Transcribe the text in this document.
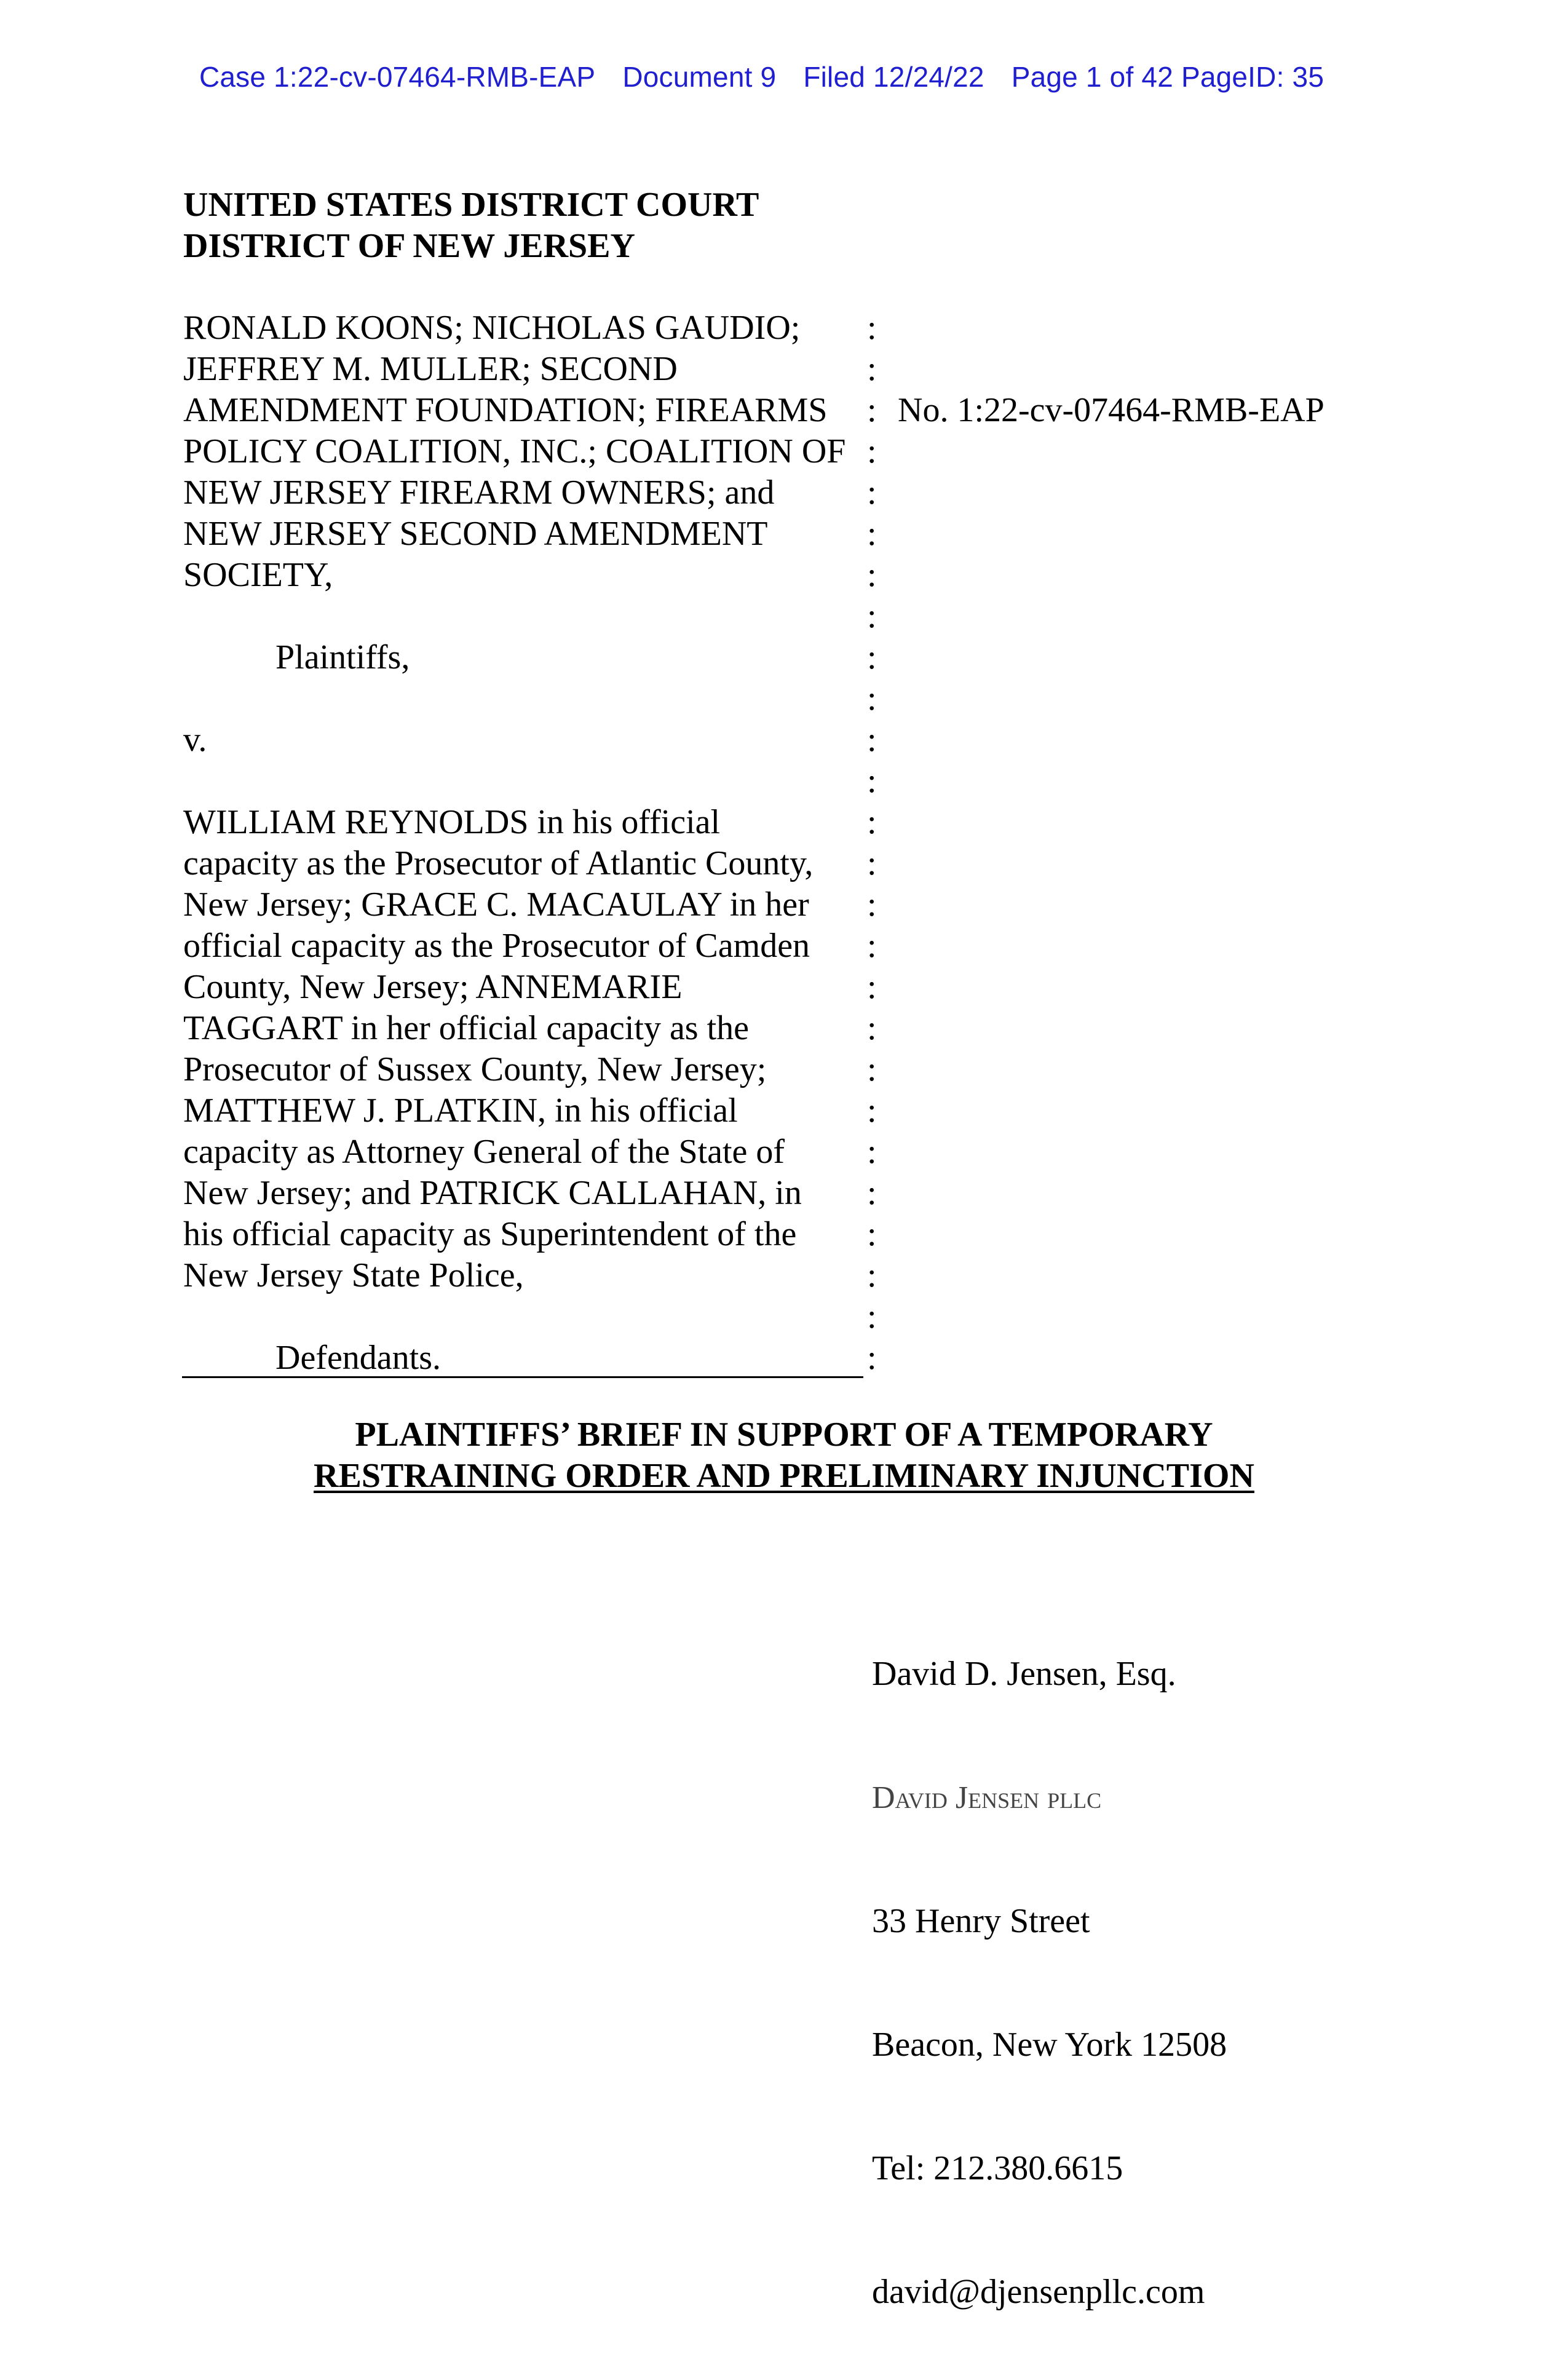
Case 1:22-cv-07464-RMB-EAP Document 9 Filed 12/24/22 Page 1 of 42 PageID: 35

UNITED STATES DISTRICT COURT
DISTRICT OF NEW JERSEY
RONALD KOONS; NICHOLAS GAUDIO;
JEFFREY M. MULLER; SECOND
AMENDMENT FOUNDATION; FIREARMS
POLICY COALITION, INC.; COALITION OF
NEW JERSEY FIREARM OWNERS; and
NEW JERSEY SECOND AMENDMENT
SOCIETY,
Plaintiffs,
v.
WILLIAM REYNOLDS in his official
capacity as the Prosecutor of Atlantic County,
New Jersey; GRACE C. MACAULAY in her
official capacity as the Prosecutor of Camden
County, New Jersey; ANNEMARIE
TAGGART in her official capacity as the
Prosecutor of Sussex County, New Jersey;
MATTHEW J. PLATKIN, in his official
capacity as Attorney General of the State of
New Jersey; and PATRICK CALLAHAN, in
his official capacity as Superintendent of the
New Jersey State Police,
Defendants.
:
:
:
:
:
:
:
:
:
:
:
:
:
:
:
:
:
:
:
:
:
:
:
:
:
:
No. 1:22-cv-07464-RMB-EAP
PLAINTIFFS’ BRIEF IN SUPPORT OF A TEMPORARY
RESTRAINING ORDER AND PRELIMINARY INJUNCTION

David D. Jensen, Esq.

David Jensen pllc

33 Henry Street

Beacon, New York 12508

Tel: 212.380.6615

david@djensenpllc.com
